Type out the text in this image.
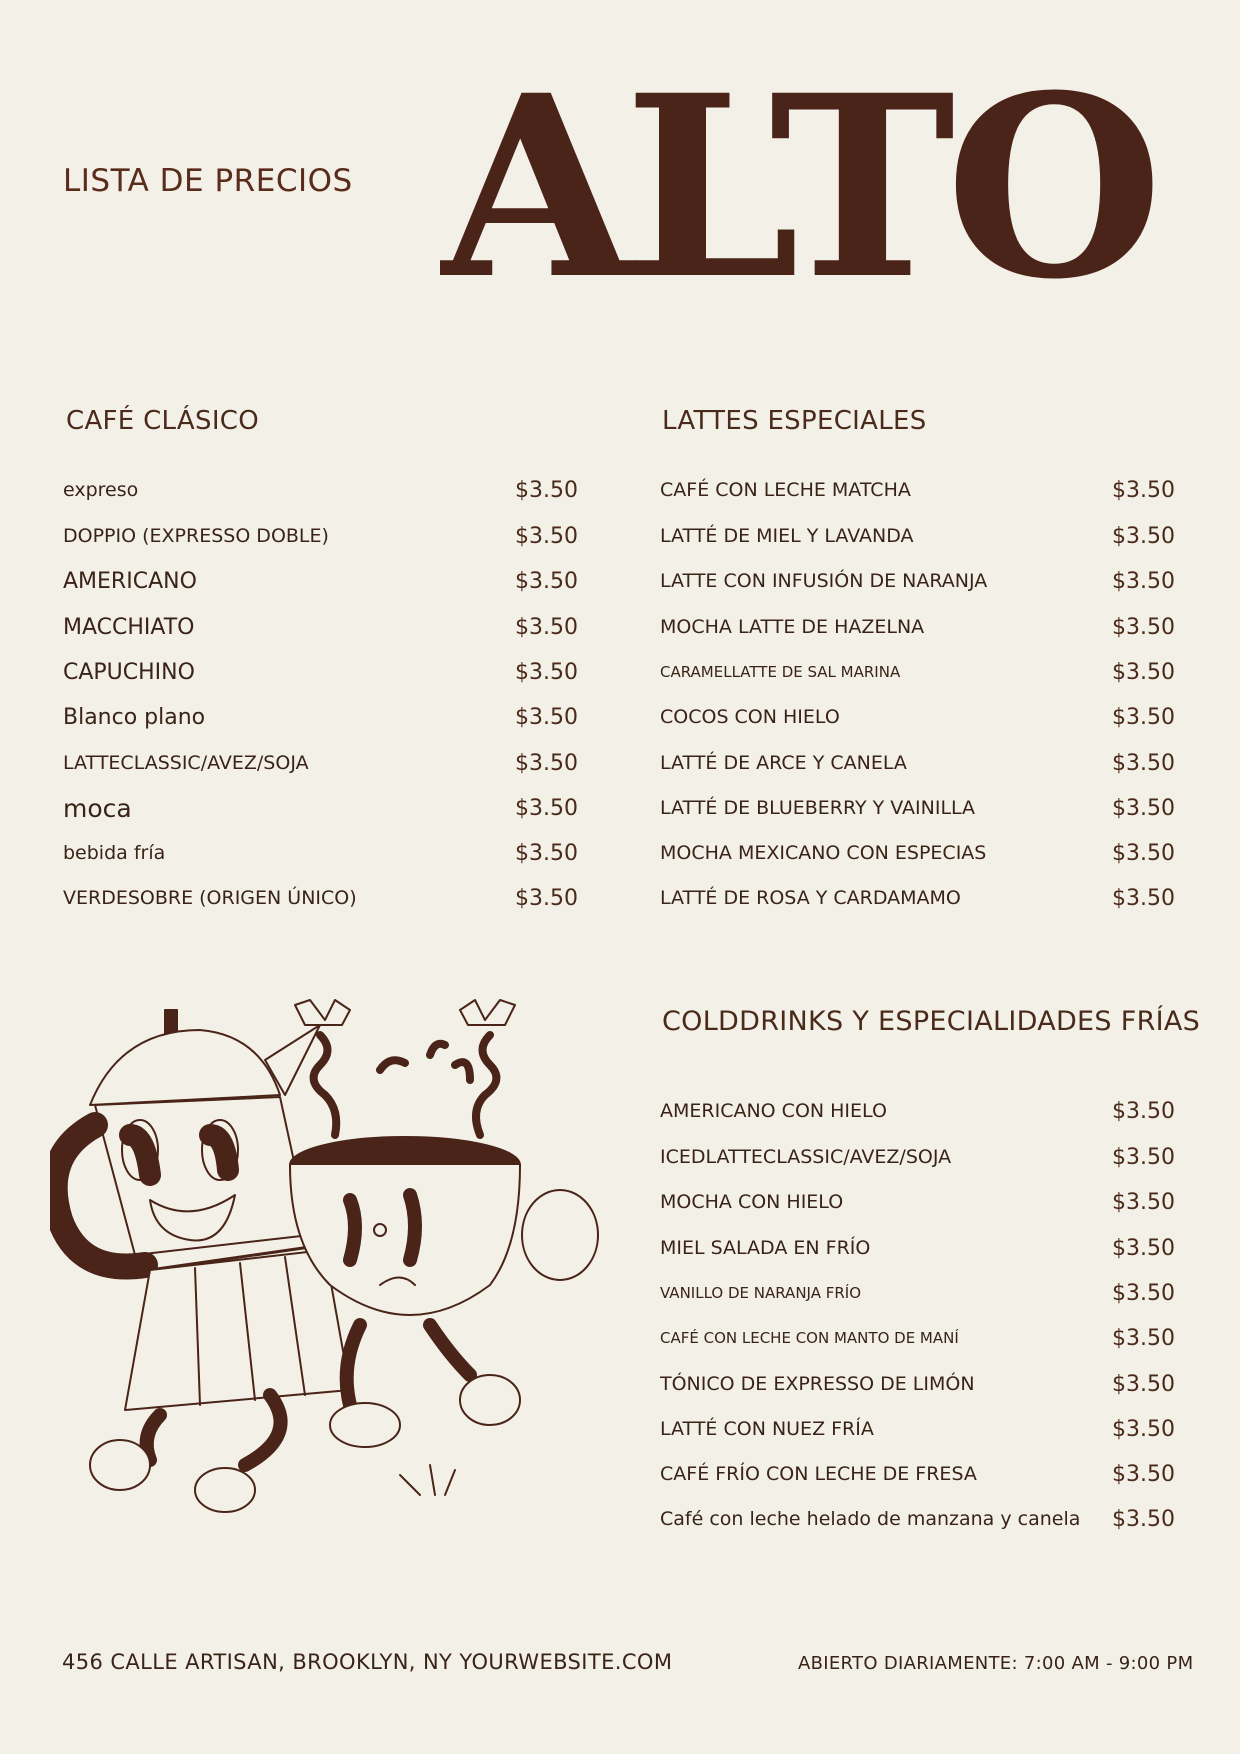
LISTA DE PRECIOS ALTO
CAFÉ CLÁSICO
expreso	$3.50
DOPPIO (EXPRESSO DOBLE)	$3.50
AMERICANO	$3.50
MACCHIATO	$3.50
CAPUCHINO	$3.50
Blanco plano	$3.50
LATTECLASSIC/AVEZ/SOJA	$3.50
moca	$3.50
bebida fría	$3.50
VERDESOBRE (ORIGEN ÚNICO)	$3.50
LATTES ESPECIALES
CAFÉ CON LECHE MATCHA	$3.50
LATTÉ DE MIEL Y LAVANDA	$3.50
LATTE CON INFUSIÓN DE NARANJA	$3.50
MOCHA LATTE DE HAZELNA	$3.50
CARAMELLATTE DE SAL MARINA	$3.50
COCOS CON HIELO	$3.50
LATTÉ DE ARCE Y CANELA	$3.50
LATTÉ DE BLUEBERRY Y VAINILLA	$3.50
MOCHA MEXICANO CON ESPECIAS	$3.50
LATTÉ DE ROSA Y CARDAMAMO	$3.50
COLDDRINKS Y ESPECIALIDADES FRÍAS
AMERICANO CON HIELO	$3.50
ICEDLATTECLASSIC/AVEZ/SOJA	$3.50
MOCHA CON HIELO	$3.50
MIEL SALADA EN FRÍO	$3.50
VANILLO DE NARANJA FRÍO	$3.50
CAFÉ CON LECHE CON MANTO DE MANÍ	$3.50
TÓNICO DE EXPRESSO DE LIMÓN	$3.50
LATTÉ CON NUEZ FRÍA	$3.50
CAFÉ FRÍO CON LECHE DE FRESA	$3.50
Café con leche helado de manzana y canela $3.50
456 CALLE ARTISAN, BROOKLYN, NY YOURWEBSITE.COM	ABIERTO DIARIAMENTE: 7:00 AM - 9:00 PM
